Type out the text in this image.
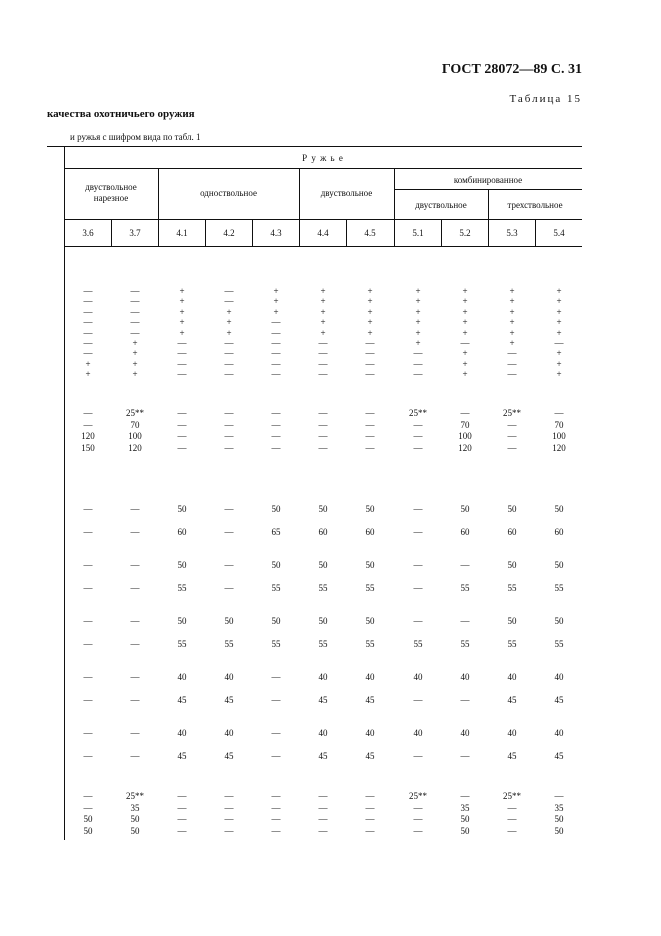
ГОСТ 28072—89 С. 31
Таблица 15
качества охотничьего оружия
и ружья с шифром вида по табл. 1
Р у ж ь е
двуствольное нарезное	одноствольное	двуствольное
комбинированное
двуствольное	трехствольное
3.6	3.7	4.1	4.2	4.3	4.4	4.5	5.1	5.2	5.3	5.4
—	—	+	—	+	+	+	+	+	+	+
—	—	+	—	+	+	+	+	+	+	+
—	—	+	+	+	+	+	+	+	+	+
—	—	+	+	—	+	+	+	+	+	+
—	—	+	+	—	+	+	+	+	+	+
—	+	—	—	—	—	—	+	—	+	—
—	+	—	—	—	—	—	—	+	—	+
+	+	—	—	—	—	—	—	+	—	+
+	+	—	—	—	—	—	—	+	—	+
—	25**	—	—	—	—	—	25**	—	25**	—
—	70	—	—	—	—	—	—	70	—	70
120	100	—	—	—	—	—	—	100	—	100
150	120	—	—	—	—	—	—	120	—	120
—	—	50	—	50	50	50	—	50	50	50
—	—	60	—	65	60	60	—	60	60	60
—	—	50	—	50	50	50	—	—	50	50
—	—	55	—	55	55	55	—	55	55	55
—	—	50	50	50	50	50	—	—	50	50
—	—	55	55	55	55	55	55	55	55	55
—	—	40	40	—	40	40	40	40	40	40
—	—	45	45	—	45	45	—	—	45	45
—	—	40	40	—	40	40	40	40	40	40
—	—	45	45	—	45	45	—	—	45	45
—	25**	—	—	—	—	—	25**	—	25**	—
—	35	—	—	—	—	—	—	35	—	35
50	50	—	—	—	—	—	—	50	—	50
50	50	—	—	—	—	—	—	50	—	50
